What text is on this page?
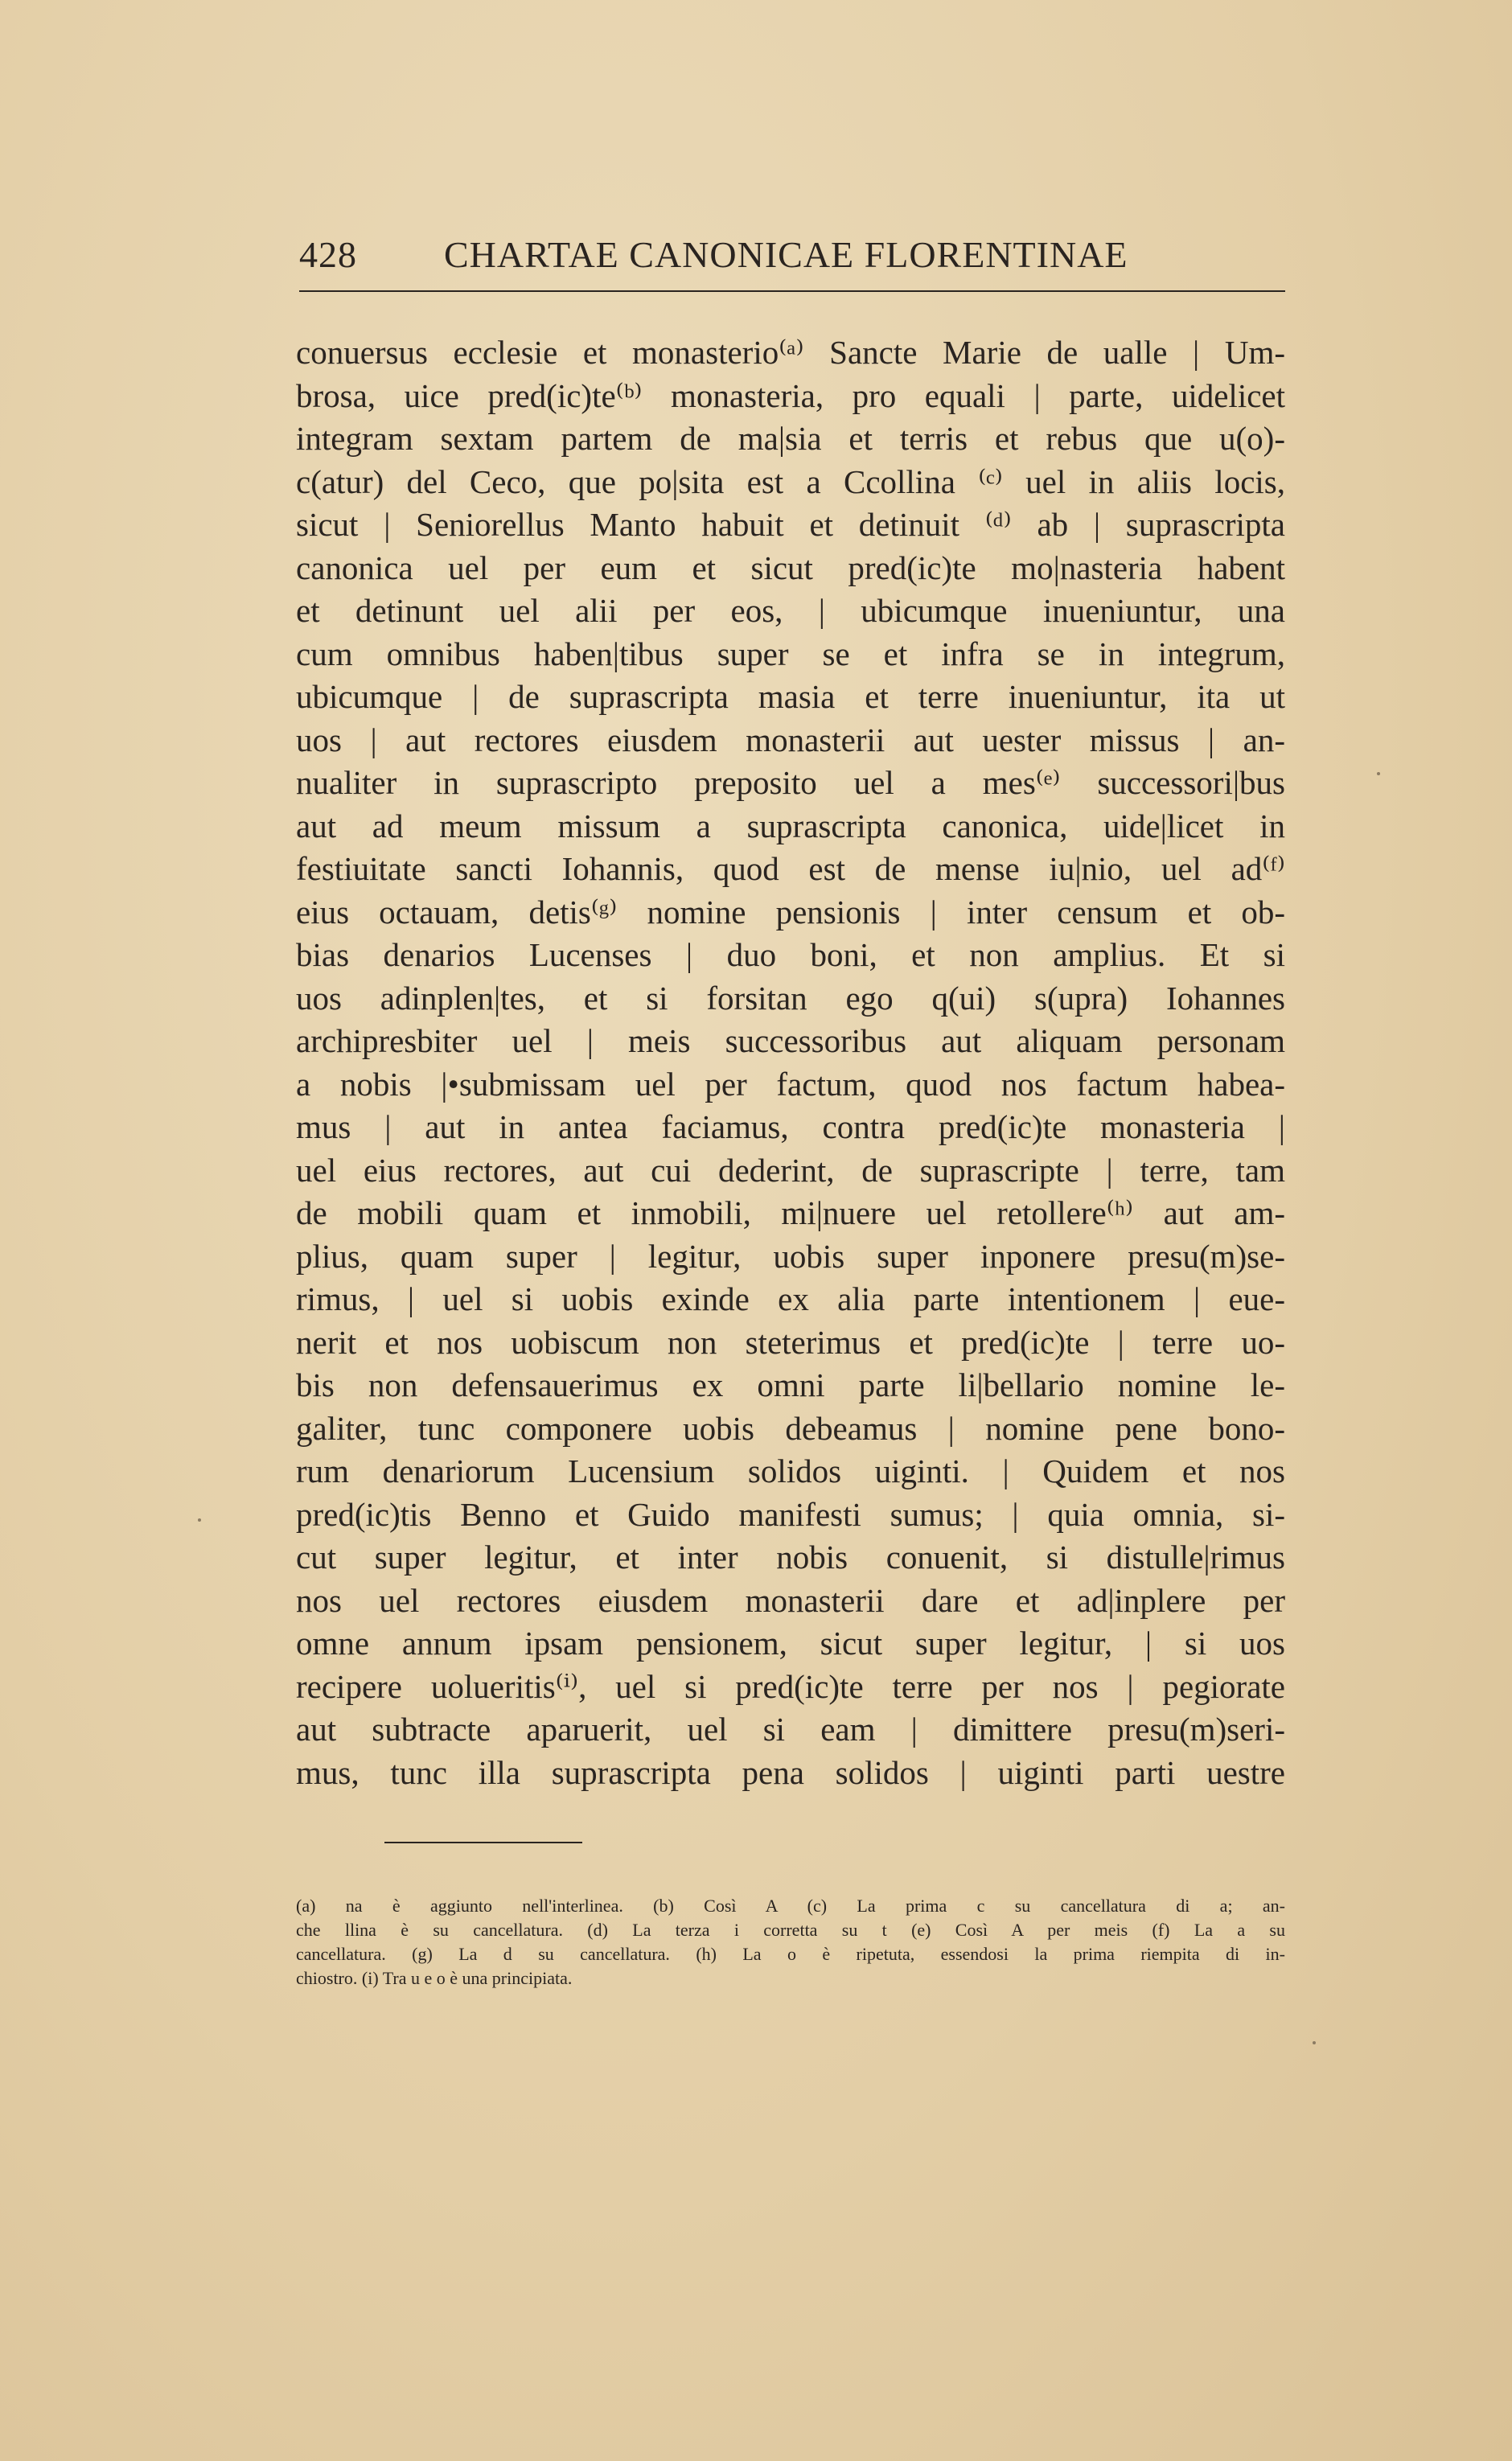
428 CHARTAE CANONICAE FLORENTINAE
conuersus ecclesie et monasterio⁽ᵃ⁾ Sancte Marie de ualle | Um-
brosa, uice pred(ic)te⁽ᵇ⁾ monasteria, pro equali | parte, uidelicet
integram sextam partem de ma|sia et terris et rebus que u(o)-
c(atur) del Ceco, que po|sita est a Ccollina ⁽ᶜ⁾ uel in aliis locis,
sicut | Seniorellus Manto habuit et detinuit ⁽ᵈ⁾ ab | suprascripta
canonica uel per eum et sicut pred(ic)te mo|nasteria habent
et detinunt uel alii per eos, | ubicumque inueniuntur, una
cum omnibus haben|tibus super se et infra se in integrum,
ubicumque | de suprascripta masia et terre inueniuntur, ita ut
uos | aut rectores eiusdem monasterii aut uester missus | an-
nualiter in suprascripto preposito uel a mes⁽ᵉ⁾ successori|bus
aut ad meum missum a suprascripta canonica, uide|licet in
festiuitate sancti Iohannis, quod est de mense iu|nio, uel ad⁽ᶠ⁾
eius octauam, detis⁽ᵍ⁾ nomine pensionis | inter censum et ob-
bias denarios Lucenses | duo boni, et non amplius. Et si
uos adinplen|tes, et si forsitan ego q(ui) s(upra) Iohannes
archipresbiter uel | meis successoribus aut aliquam personam
a nobis |•submissam uel per factum, quod nos factum habea-
mus | aut in antea faciamus, contra pred(ic)te monasteria |
uel eius rectores, aut cui dederint, de suprascripte | terre, tam
de mobili quam et inmobili, mi|nuere uel retollere⁽ʰ⁾ aut am-
plius, quam super | legitur, uobis super inponere presu(m)se-
rimus, | uel si uobis exinde ex alia parte intentionem | eue-
nerit et nos uobiscum non steterimus et pred(ic)te | terre uo-
bis non defensauerimus ex omni parte li|bellario nomine le-
galiter, tunc componere uobis debeamus | nomine pene bono-
rum denariorum Lucensium solidos uiginti. | Quidem et nos
pred(ic)tis Benno et Guido manifesti sumus; | quia omnia, si-
cut super legitur, et inter nobis conuenit, si distulle|rimus
nos uel rectores eiusdem monasterii dare et ad|inplere per
omne annum ipsam pensionem, sicut super legitur, | si uos
recipere uolueritis⁽ⁱ⁾, uel si pred(ic)te terre per nos | pegiorate
aut subtracte aparuerit, uel si eam | dimittere presu(m)seri-
mus, tunc illa suprascripta pena solidos | uiginti parti uestre
(a) na è aggiunto nell'interlinea. (b) Così A (c) La prima c su cancellatura di a; an-
che llina è su cancellatura. (d) La terza i corretta su t (e) Così A per meis (f) La a su
cancellatura. (g) La d su cancellatura. (h) La o è ripetuta, essendosi la prima riempita di in-
chiostro. (i) Tra u e o è una principiata.
